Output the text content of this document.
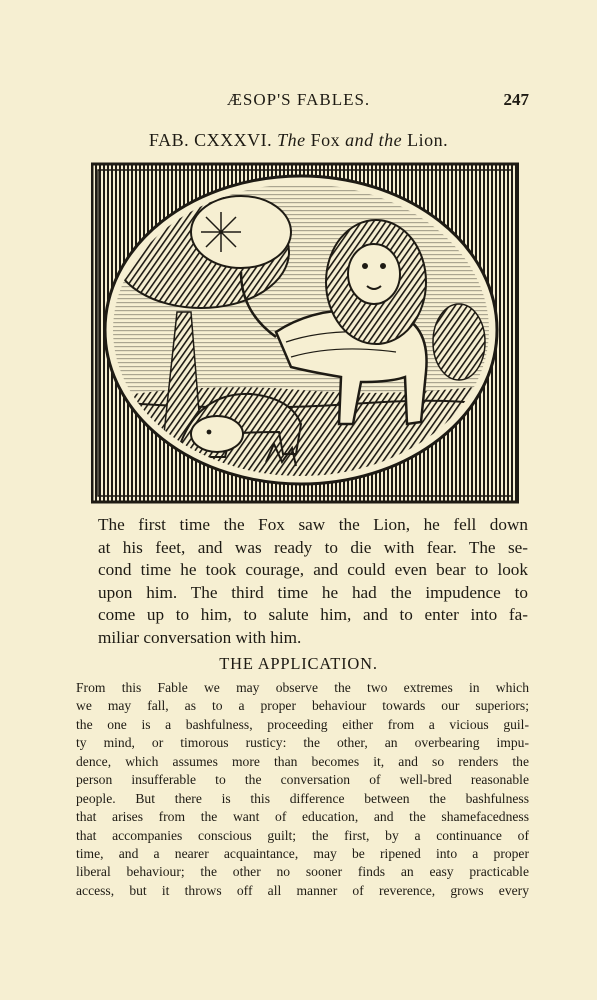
ÆSOP'S FABLES.	247
FAB. CXXXVI. The Fox and the Lion.
The first time the Fox saw the Lion, he fell down
at his feet, and was ready to die with fear. The se-
cond time he took courage, and could even bear to look
upon him. The third time he had the impudence to
come up to him, to salute him, and to enter into fa-
miliar conversation with him.
THE APPLICATION.
From this Fable we may observe the two extremes in which
we may fall, as to a proper behaviour towards our superiors;
the one is a bashfulness, proceeding either from a vicious guil-
ty mind, or timorous rusticy: the other, an overbearing impu-
dence, which assumes more than becomes it, and so renders the
person insufferable to the conversation of well-bred reasonable
people. But there is this difference between the bashfulness
that arises from the want of education, and the shamefacedness
that accompanies conscious guilt; the first, by a continuance of
time, and a nearer acquaintance, may be ripened into a proper
liberal behaviour; the other no sooner finds an easy practicable
access, but it throws off all manner of reverence, grows every
